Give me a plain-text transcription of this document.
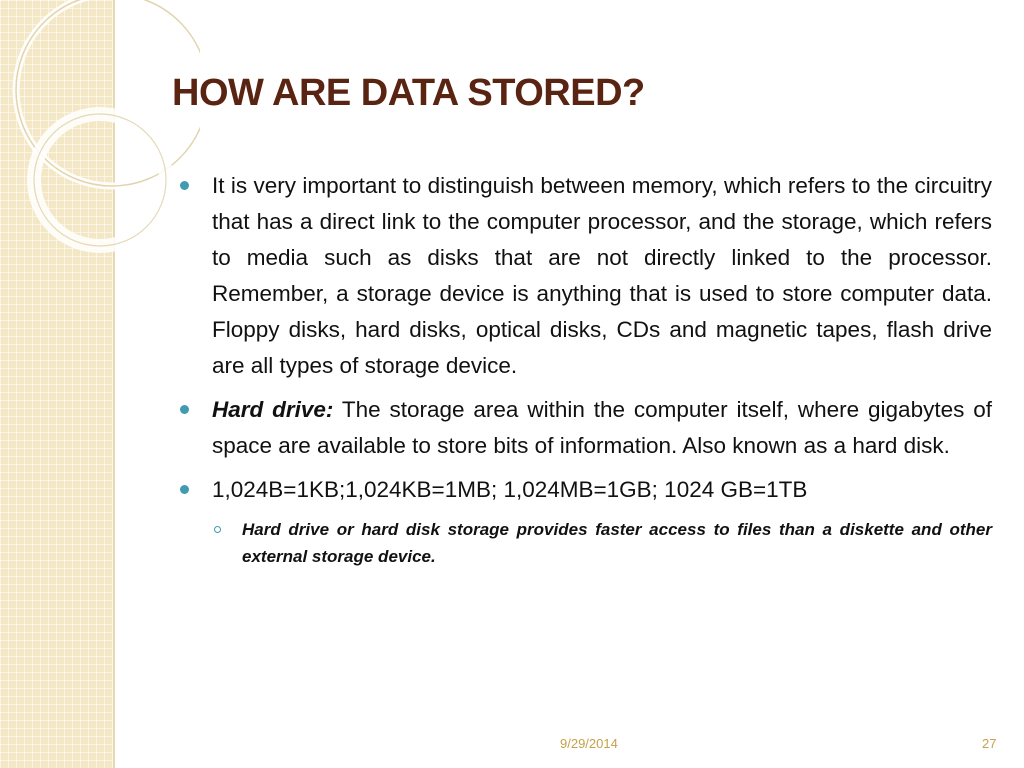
HOW ARE DATA STORED?

It is very important to distinguish between memory, which refers to the circuitry that has a direct link to the computer processor, and the storage, which refers to media such as disks that are not directly linked to the processor. Remember, a storage device is anything that is used to store computer data. Floppy disks, hard disks, optical disks, CDs and magnetic tapes, flash drive are all types of storage device.

Hard drive: The storage area within the computer itself, where gigabytes of space are available to store bits of information. Also known as a hard disk.

1,024B=1KB;1,024KB=1MB; 1,024MB=1GB; 1024 GB=1TB

Hard drive or hard disk storage provides faster access to files than a diskette and other external storage device.

9/29/2014	27
